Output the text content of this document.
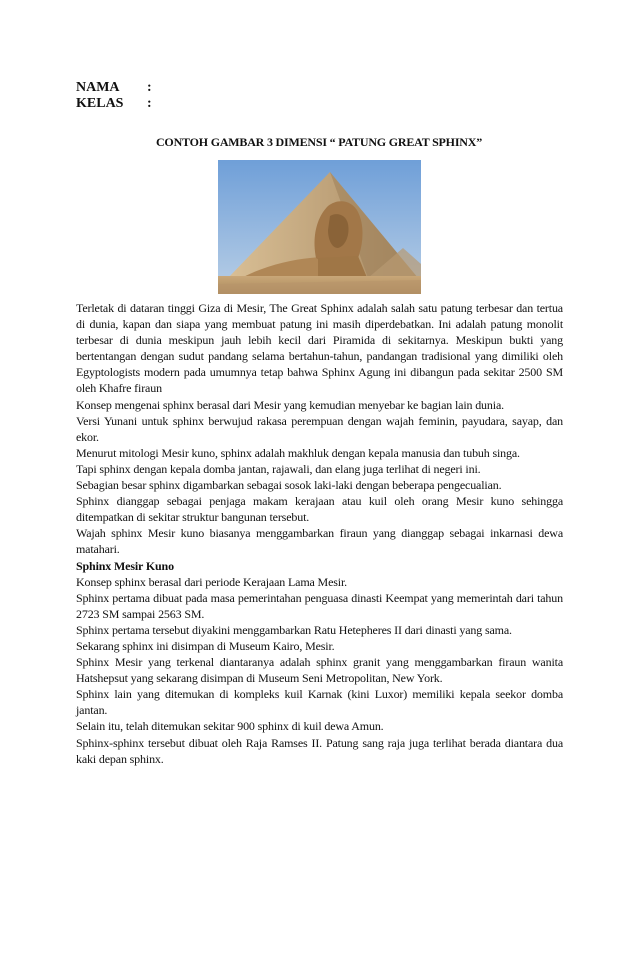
NAMA :
KELAS :
CONTOH GAMBAR 3 DIMENSI “ PATUNG GREAT SPHINX”

Terletak di dataran tinggi Giza di Mesir, The Great Sphinx adalah salah satu patung terbesar dan tertua di dunia, kapan dan siapa yang membuat patung ini masih diperdebatkan. Ini adalah patung monolit terbesar di dunia meskipun jauh lebih kecil dari Piramida di sekitarnya. Meskipun bukti yang bertentangan dengan sudut pandang selama bertahun-tahun, pandangan tradisional yang dimiliki oleh Egyptologists modern pada umumnya tetap bahwa Sphinx Agung ini dibangun pada sekitar 2500 SM oleh Khafre firaun

Konsep mengenai sphinx berasal dari Mesir yang kemudian menyebar ke bagian lain dunia.

Versi Yunani untuk sphinx berwujud rakasa perempuan dengan wajah feminin, payudara, sayap, dan ekor.

Menurut mitologi Mesir kuno, sphinx adalah makhluk dengan kepala manusia dan tubuh singa.

Tapi sphinx dengan kepala domba jantan, rajawali, dan elang juga terlihat di negeri ini.

Sebagian besar sphinx digambarkan sebagai sosok laki-laki dengan beberapa pengecualian.

Sphinx dianggap sebagai penjaga makam kerajaan atau kuil oleh orang Mesir kuno sehingga ditempatkan di sekitar struktur bangunan tersebut.

Wajah sphinx Mesir kuno biasanya menggambarkan firaun yang dianggap sebagai inkarnasi dewa matahari.

Sphinx Mesir Kuno

Konsep sphinx berasal dari periode Kerajaan Lama Mesir.

Sphinx pertama dibuat pada masa pemerintahan penguasa dinasti Keempat yang memerintah dari tahun 2723 SM sampai 2563 SM.

Sphinx pertama tersebut diyakini menggambarkan Ratu Hetepheres II dari dinasti yang sama.

Sekarang sphinx ini disimpan di Museum Kairo, Mesir.

Sphinx Mesir yang terkenal diantaranya adalah sphinx granit yang menggambarkan firaun wanita Hatshepsut yang sekarang disimpan di Museum Seni Metropolitan, New York.

Sphinx lain yang ditemukan di kompleks kuil Karnak (kini Luxor) memiliki kepala seekor domba jantan.

Selain itu, telah ditemukan sekitar 900 sphinx di kuil dewa Amun.

Sphinx-sphinx tersebut dibuat oleh Raja Ramses II. Patung sang raja juga terlihat berada diantara dua kaki depan sphinx.
